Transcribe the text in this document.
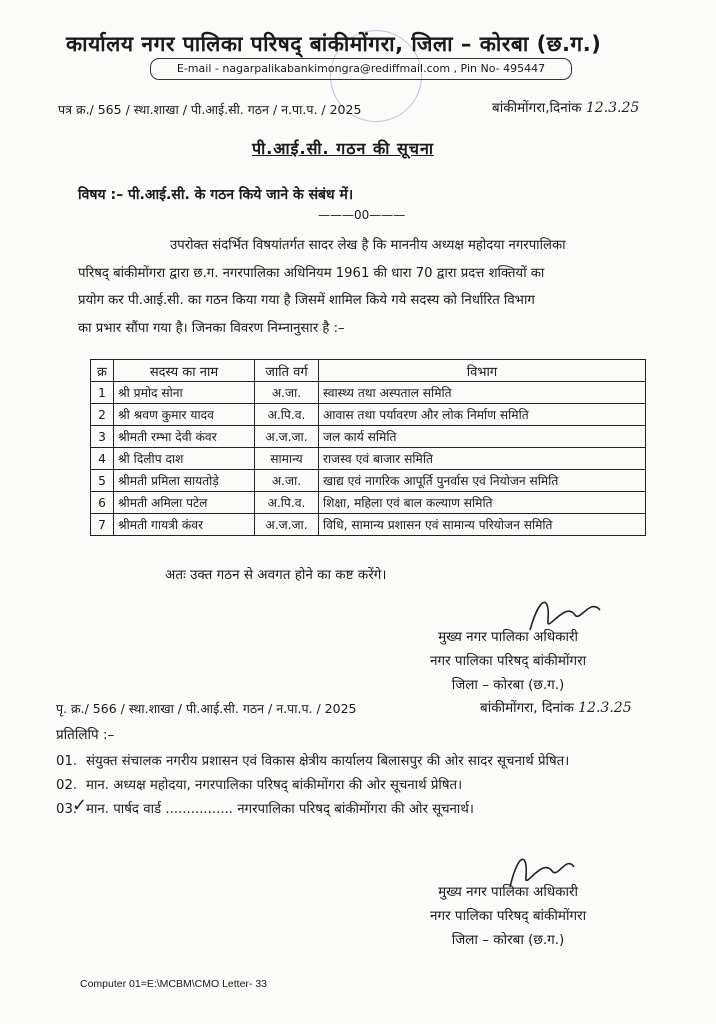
कार्यालय नगर पालिका परिषद् बांकीमोंगरा, जिला – कोरबा (छ.ग.)
E-mail - nagarpalikabankimongra@rediffmail.com , Pin No- 495447
पत्र क्र./ 565 / स्था.शाखा / पी.आई.सी. गठन / न.पा.प. / 2025	बांकीमोंगरा,दिनांक 12.3.25
पी.आई.सी. गठन की सूचना
विषय :– पी.आई.सी. के गठन किये जाने के संबंध में।
———00———

उपरोक्त संदर्भित विषयांतर्गत सादर लेख है कि माननीय अध्यक्ष महोदया नगरपालिका

परिषद् बांकीमोंगरा द्वारा छ.ग. नगरपालिका अधिनियम 1961 की धारा 70 द्वारा प्रदत्त शक्तियों का

प्रयोग कर पी.आई.सी. का गठन किया गया है जिसमें शामिल किये गये सदस्य को निर्धारित विभाग

का प्रभार सौंपा गया है। जिनका विवरण निम्नानुसार है :–

क्र	सदस्य का नाम	जाति वर्ग	विभाग
1	श्री प्रमोद सोना	अ.जा.	स्वास्थ्य तथा अस्पताल समिति
2	श्री श्रवण कुमार यादव	अ.पि.व.	आवास तथा पर्यावरण और लोक निर्माण समिति
3	श्रीमती रम्भा देवी कंवर	अ.ज.जा.	जल कार्य समिति
4	श्री दिलीप दाश	सामान्य	राजस्व एवं बाजार समिति
5	श्रीमती प्रमिला सायतोड़े	अ.जा.	खाद्य एवं नागरिक आपूर्ति पुनर्वास एवं नियोजन समिति
6	श्रीमती अमिला पटेल	अ.पि.व.	शिक्षा, महिला एवं बाल कल्याण समिति
7	श्रीमती गायत्री कंवर	अ.ज.जा.	विधि, सामान्य प्रशासन एवं सामान्य परियोजन समिति
अतः उक्त गठन से अवगत होने का कष्ट करेंगे।
मुख्य नगर पालिका अधिकारी
नगर पालिका परिषद् बांकीमोंगरा
जिला – कोरबा (छ.ग.)
पृ. क्र./ 566 / स्था.शाखा / पी.आई.सी. गठन / न.पा.प. / 2025	बांकीमोंगरा, दिनांक 12.3.25
प्रतिलिपि :–
01. संयुक्त संचालक नगरीय प्रशासन एवं विकास क्षेत्रीय कार्यालय बिलासपुर की ओर सादर सूचनार्थ प्रेषित।
02. मान. अध्यक्ष महोदया, नगरपालिका परिषद् बांकीमोंगरा की ओर सूचनार्थ प्रेषित।
03. मान. पार्षद वार्ड ................ नगरपालिका परिषद् बांकीमोंगरा की ओर सूचनार्थ।
✓
मुख्य नगर पालिका अधिकारी
नगर पालिका परिषद् बांकीमोंगरा
जिला – कोरबा (छ.ग.)
Computer 01=E:\MCBM\CMO Letter- 33
